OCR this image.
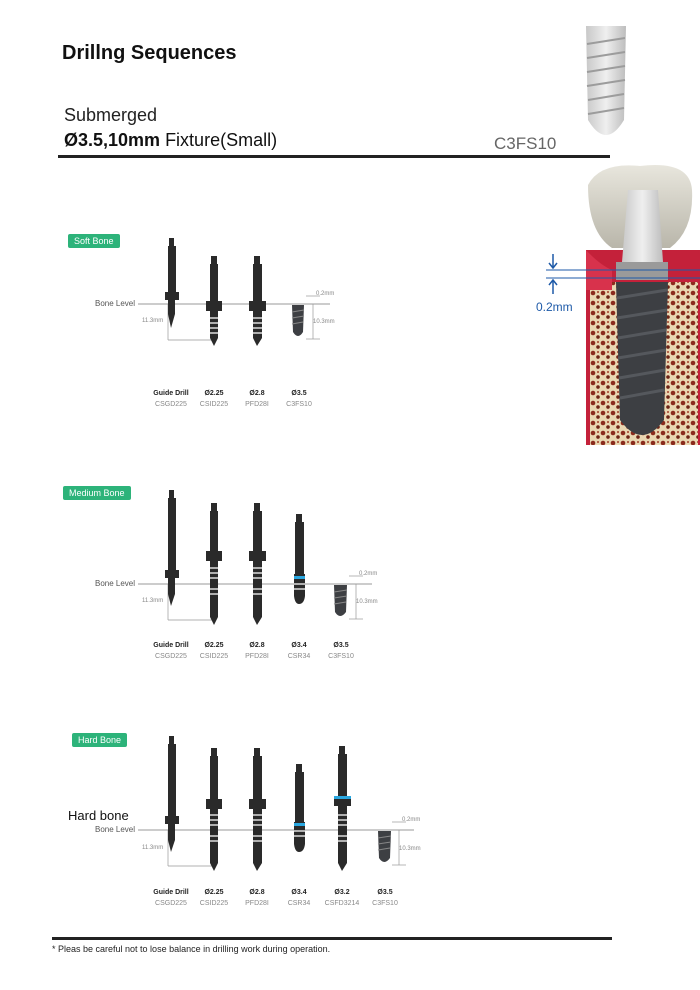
Drillng Sequences
Submerged
Ø3.5,10mm Fixture(Small)	C3FS10
0.2mm
Soft Bone
Bone Level
11.3mm
0.2mm
10.3mm
Guide Drill
CSGD225
Ø2.25
CSID225
Ø2.8
PFD28I
Ø3.5
C3FS10
Medium Bone
Bone Level
11.3mm
0.2mm
10.3mm
Guide Drill
CSGD225
Ø2.25
CSID225
Ø2.8
PFD28I
Ø3.4
CSR34
Ø3.5
C3FS10
Hard Bone
Hard bone
Bone Level
11.3mm
0.2mm
10.3mm
Guide Drill
CSGD225
Ø2.25
CSID225
Ø2.8
PFD28I
Ø3.4
CSR34
Ø3.2
CSFD3214
Ø3.5
C3FS10
* Pleas be careful not to lose balance in drilling work during operation.
